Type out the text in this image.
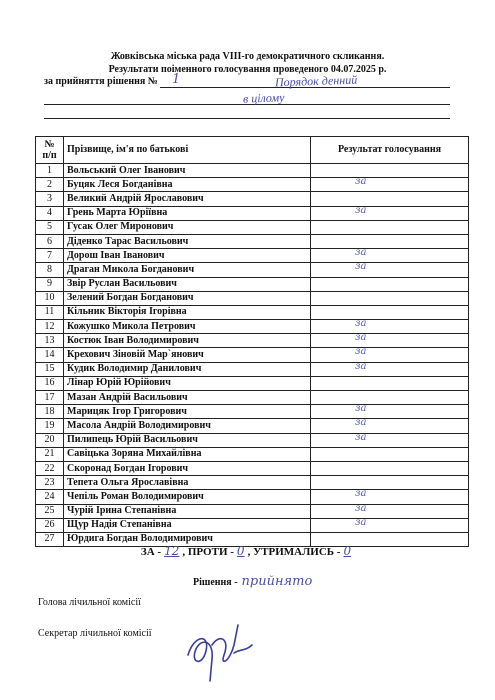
Жовківська міська рада VIII-го демократичного скликання.
Результати поіменного голосування проведеного 04.07.2025 р.
за прийняття рішення № 1	Порядок денний
в цілому
№ п/п	Прізвище, ім'я по батькові	Результат голосування
1	Вольський Олег Іванович	
2	Буцяк Леся Богданівна	за

3	Великий Андрій Ярославович	
4	Грень Марта Юріївна	за

5	Гусак Олег Миронович	
6	Діденко Тарас Васильович	
7	Дорош Іван Іванович	за

8	Драган Микола Богданович	за

9	Звір Руслан Васильович	
10	Зелений Богдан Богданович	
11	Кільник Вікторія Ігорівна	
12	Кожушко Микола Петрович	за

13	Костюк Іван Володимирович	за

14	Крехович Зіновій Мар`янович	за

15	Кудик Володимир Данилович	за

16	Лінар Юрій Юрійович	
17	Мазан Андрій Васильович	
18	Марицяк Ігор Григорович	за

19	Масола Андрій Володимирович	за

20	Пилипець Юрій Васильович	за

21	Савіцька Зоряна Михайлівна	
22	Скоронад Богдан Ігорович	
23	Тепета Ольга Ярославівна	
24	Чепіль Роман Володимирович	за

25	Чурій Ірина Степанівна	за

26	Щур Надія Степанівна	за

27	Юрдига Богдан Володимирович	
ЗА - 12 , ПРОТИ - 0 , УТРИМАЛИСЬ - 0
Рішення - прийнято
Голова лічильної комісії
Секретар лічильної комісії
